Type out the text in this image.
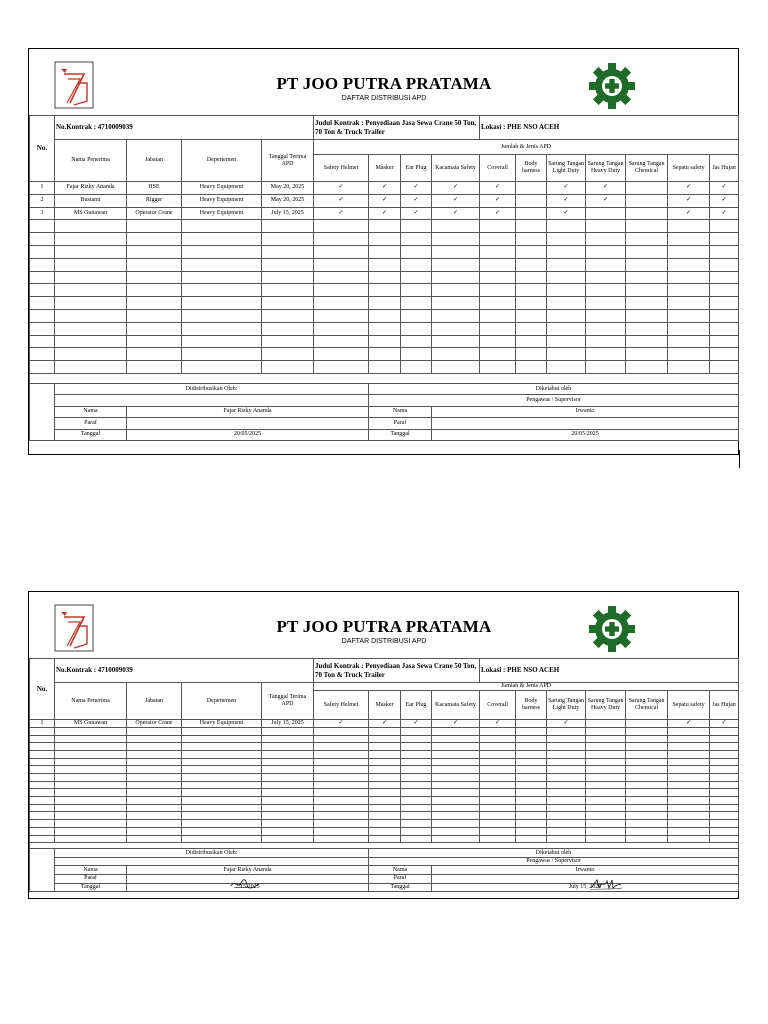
PT JOO PUTRA PRATAMA
DAFTAR DISTRIBUSI APD
No.	No.Kontrak : 4710009039				Judul Kontrak : Penyediaan Jasa Sewa Crane 50 Ton, 70 Ton & Truck Trailer				Lokasi : PHE NSO ACEH						
	Nama Penerima	Jabatan	Depertemen	Tanggal Terima APD	Jumlah & Jenis APD										
					Safety Helmet	Masker	Ear Plug	Kacamata Safety	Coverall	Body harness	Sarung Tangan Light Duty	Sarung Tangan Heavy Duty	Sarung Tangan Chemical	Sepatu safety	Jas Hujan
1	Fajar Rizky Ananda	HSE	Heavy Equipment	May 20, 2025	✓	✓	✓	✓	✓		✓	✓		✓	✓
2	Bustami	Rigger	Heavy Equipment	May 20, 2025	✓	✓	✓	✓	✓		✓	✓		✓	✓
3	MS Gunawan	Operator Crane	Heavy Equipment	July 15, 2025	✓	✓	✓	✓	✓		✓			✓	✓

	Didistribusikan Oleh:					Diketahui oleh									
						Pengawas / Supervisor									
	Nama	Fajar Rizky Ananda				Nama		Irwanto							
	Paraf					Paraf									
	Tanggal	20/05/2025				Tanggal		20/05/2025							
PT JOO PUTRA PRATAMA
DAFTAR DISTRIBUSI APD
No.	No.Kontrak : 4710009039				Judul Kontrak : Penyediaan Jasa Sewa Crane 50 Ton, 70 Ton & Truck Trailer				Lokasi : PHE NSO ACEH						
	Nama Penerima	Jabatan	Depertemen	Tanggal Terima APD	Jumlah & Jenis APD										
					Safety Helmet	Masker	Ear Plug	Kacamata Safety	Coverall	Body harness	Sarung Tangan Light Duty	Sarung Tangan Heavy Duty	Sarung Tangan Chemical	Sepatu safety	Jas Hujan
1	MS Gunawan	Operator Crane	Heavy Equipment	July 15, 2025	✓	✓	✓	✓	✓		✓			✓	✓

	Didistribusikan Oleh:					Diketahui oleh									
						Pengawas / Supervisor									
	Nama	Fajar Rizky Ananda				Nama		Irwanto							
	Paraf					Paraf									
	Tanggal	7/15/2025				Tanggal		July 15, 2025							
